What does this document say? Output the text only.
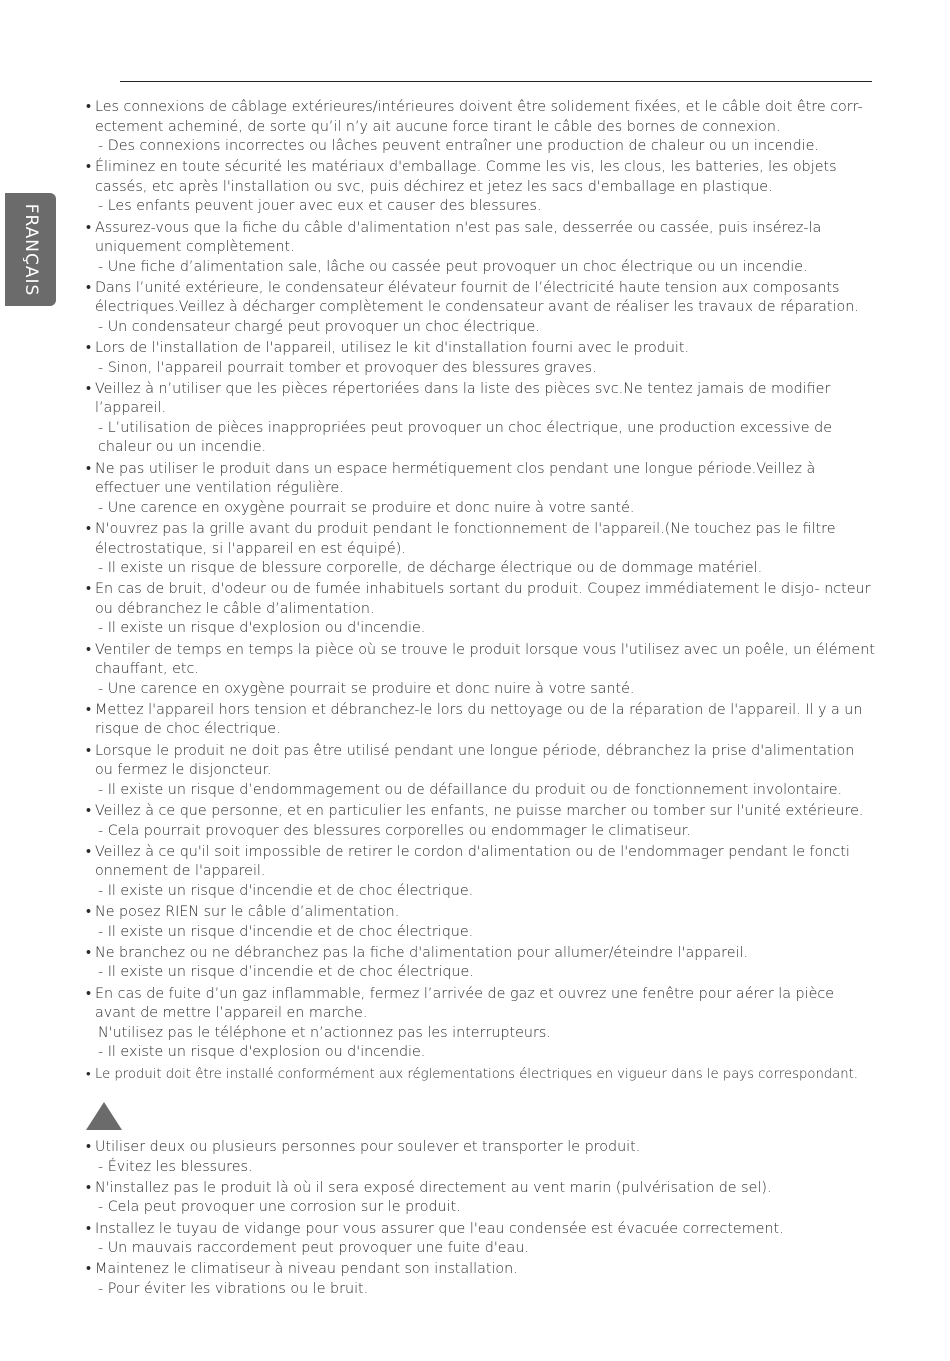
FRANÇAIS
• Les connexions de câblage extérieures/intérieures doivent être solidement fixées, et le câble doit être corr- ectement acheminé, de sorte qu’il n’y ait aucune force tirant le câble des bornes de connexion.
- Des connexions incorrectes ou lâches peuvent entraîner une production de chaleur ou un incendie.
• Éliminez en toute sécurité les matériaux d'emballage. Comme les vis, les clous, les batteries, les objets cassés, etc après l'installation ou svc, puis déchirez et jetez les sacs d'emballage en plastique.
- Les enfants peuvent jouer avec eux et causer des blessures.
• Assurez-vous que la fiche du câble d'alimentation n'est pas sale, desserrée ou cassée, puis insérez-la uniquement complètement.
- Une fiche d’alimentation sale, lâche ou cassée peut provoquer un choc électrique ou un incendie.
• Dans l’unité extérieure, le condensateur élévateur fournit de l’électricité haute tension aux composants électriques.Veillez à décharger complètement le condensateur avant de réaliser les travaux de réparation.
- Un condensateur chargé peut provoquer un choc électrique.
• Lors de l'installation de l'appareil, utilisez le kit d'installation fourni avec le produit.
- Sinon, l'appareil pourrait tomber et provoquer des blessures graves.
• Veillez à n’utiliser que les pièces répertoriées dans la liste des pièces svc.Ne tentez jamais de modifier l’appareil.
- L’utilisation de pièces inappropriées peut provoquer un choc électrique, une production excessive de chaleur ou un incendie.
• Ne pas utiliser le produit dans un espace hermétiquement clos pendant une longue période.Veillez à effectuer une ventilation régulière.
- Une carence en oxygène pourrait se produire et donc nuire à votre santé.
• N'ouvrez pas la grille avant du produit pendant le fonctionnement de l'appareil.(Ne touchez pas le filtre électrostatique, si l'appareil en est équipé).
- Il existe un risque de blessure corporelle, de décharge électrique ou de dommage matériel.
• En cas de bruit, d'odeur ou de fumée inhabituels sortant du produit. Coupez immédiatement le disjo- ncteur ou débranchez le câble d’alimentation.
- Il existe un risque d'explosion ou d'incendie.
• Ventiler de temps en temps la pièce où se trouve le produit lorsque vous l'utilisez avec un poêle, un élément chauffant, etc.
- Une carence en oxygène pourrait se produire et donc nuire à votre santé.
• Mettez l'appareil hors tension et débranchez-le lors du nettoyage ou de la réparation de l'appareil. Il y a un risque de choc électrique.
• Lorsque le produit ne doit pas être utilisé pendant une longue période, débranchez la prise d'alimentation ou fermez le disjoncteur.
- Il existe un risque d’endommagement ou de défaillance du produit ou de fonctionnement involontaire.
• Veillez à ce que personne, et en particulier les enfants, ne puisse marcher ou tomber sur l'unité extérieure.
- Cela pourrait provoquer des blessures corporelles ou endommager le climatiseur.
• Veillez à ce qu'il soit impossible de retirer le cordon d'alimentation ou de l'endommager pendant le foncti onnement de l'appareil.
- Il existe un risque d'incendie et de choc électrique.
• Ne posez RIEN sur le câble d’alimentation.
- Il existe un risque d'incendie et de choc électrique.
• Ne branchez ou ne débranchez pas la fiche d'alimentation pour allumer/éteindre l'appareil.
- Il existe un risque d’incendie et de choc électrique.
• En cas de fuite d’un gaz inflammable, fermez l’arrivée de gaz et ouvrez une fenêtre pour aérer la pièce avant de mettre l’appareil en marche.
N'utilisez pas le téléphone et n’actionnez pas les interrupteurs.
- Il existe un risque d'explosion ou d'incendie.
• Le produit doit être installé conformément aux réglementations électriques en vigueur dans le pays correspondant.
• Utiliser deux ou plusieurs personnes pour soulever et transporter le produit.
- Évitez les blessures.
• N'installez pas le produit là où il sera exposé directement au vent marin (pulvérisation de sel).
- Cela peut provoquer une corrosion sur le produit.
• Installez le tuyau de vidange pour vous assurer que l'eau condensée est évacuée correctement.
- Un mauvais raccordement peut provoquer une fuite d'eau.
• Maintenez le climatiseur à niveau pendant son installation.
- Pour éviter les vibrations ou le bruit.
